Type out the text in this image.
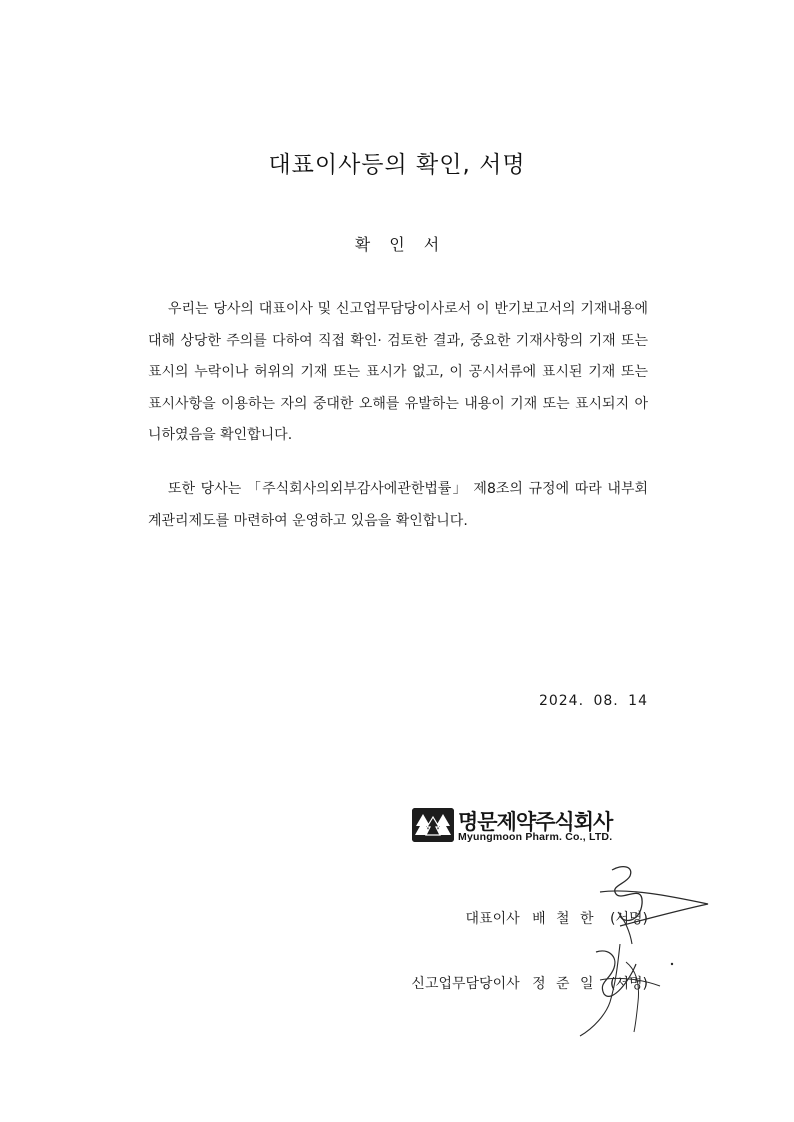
대표이사등의 확인, 서명
확 인 서

우리는 당사의 대표이사 및 신고업무담당이사로서 이 반기보고서의 기재내용에 대해 상당한 주의를 다하여 직접 확인· 검토한 결과, 중요한 기재사항의 기재 또는 표시의 누락이나 허위의 기재 또는 표시가 없고, 이 공시서류에 표시된 기재 또는 표시사항을 이용하는 자의 중대한 오해를 유발하는 내용이 기재 또는 표시되지 아니하였음을 확인합니다.

또한 당사는 「주식회사의외부감사에관한법률」 제8조의 규정에 따라 내부회계관리제도를 마련하여 운영하고 있음을 확인합니다.

2024. 08. 14
명문제약주식회사
Myungmoon Pharm. Co., LTD.
대표이사 배 철 한 (서명)
신고업무담당이사 정 준 일 (서명)
